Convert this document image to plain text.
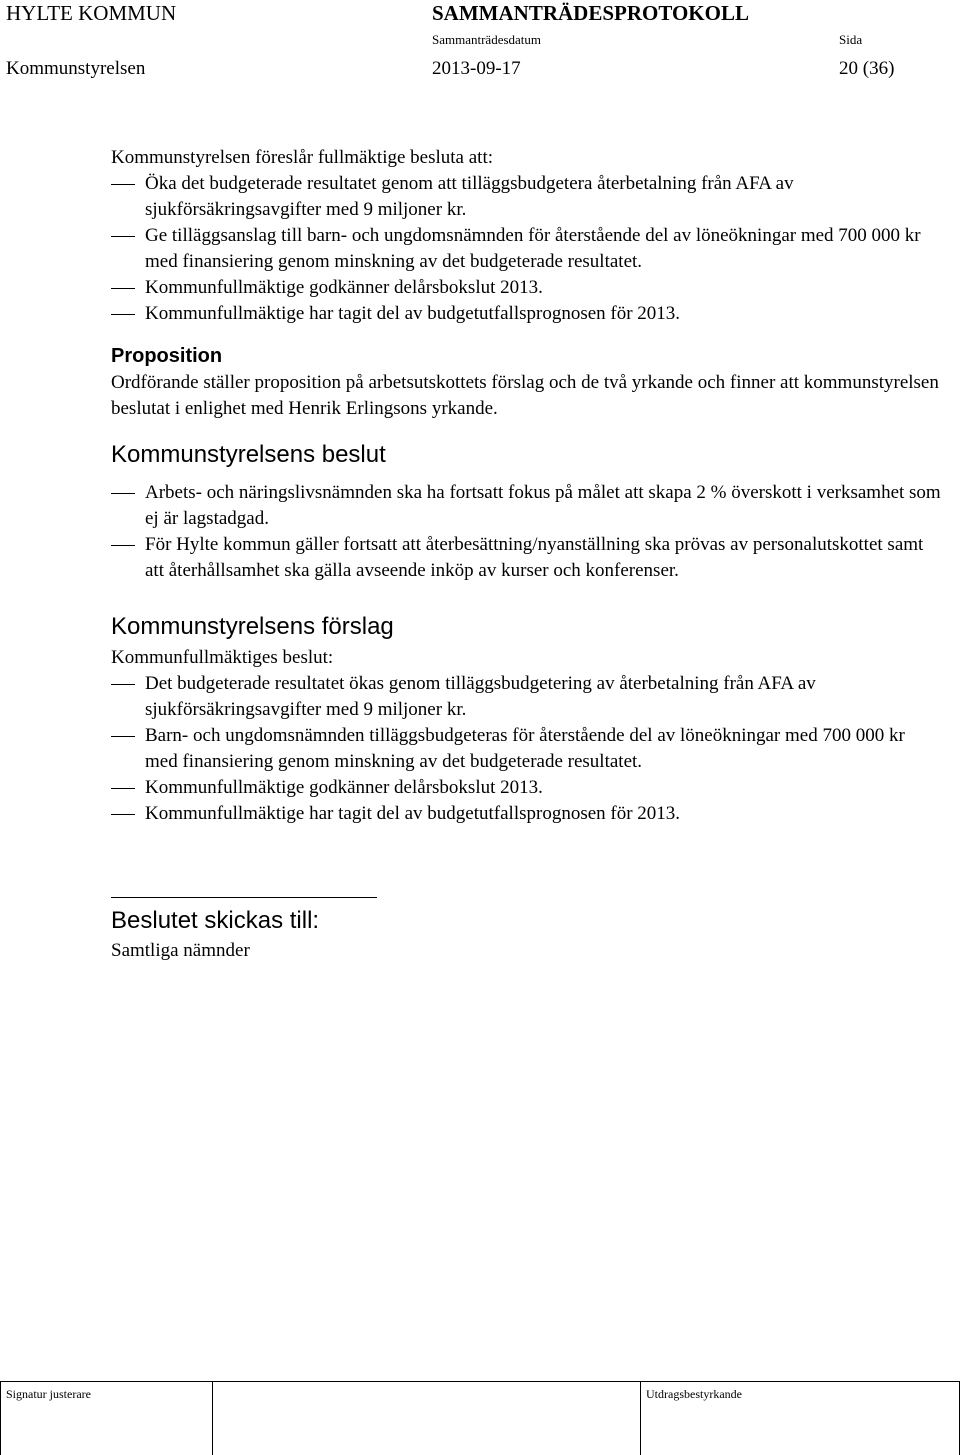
HYLTE KOMMUN	SAMMANTRÄDESPROTOKOLL
Sammanträdesdatum	Sida
Kommunstyrelsen	2013-09-17	20 (36)

Kommunstyrelsen föreslår fullmäktige besluta att:

Öka det budgeterade resultatet genom att tilläggsbudgetera återbetalning från AFA av sjukförsäkringsavgifter med 9 miljoner kr.
Ge tilläggsanslag till barn- och ungdomsnämnden för återstående del av löneökningar med 700 000 kr med finansiering genom minskning av det budgeterade resultatet.
Kommunfullmäktige godkänner delårsbokslut 2013.
Kommunfullmäktige har tagit del av budgetutfallsprognosen för 2013.
Proposition

Ordförande ställer proposition på arbetsutskottets förslag och de två yrkande och finner att kommunstyrelsen beslutat i enlighet med Henrik Erlingsons yrkande.

Kommunstyrelsens beslut
Arbets- och näringslivsnämnden ska ha fortsatt fokus på målet att skapa 2 % överskott i verksamhet som ej är lagstadgad.
För Hylte kommun gäller fortsatt att återbesättning/nyanställning ska prövas av personalutskottet samt att återhållsamhet ska gälla avseende inköp av kurser och konferenser.
Kommunstyrelsens förslag

Kommunfullmäktiges beslut:

Det budgeterade resultatet ökas genom tilläggsbudgetering av återbetalning från AFA av sjukförsäkringsavgifter med 9 miljoner kr.
Barn- och ungdomsnämnden tilläggsbudgeteras för återstående del av löneökningar med 700 000 kr med finansiering genom minskning av det budgeterade resultatet.
Kommunfullmäktige godkänner delårsbokslut 2013.
Kommunfullmäktige har tagit del av budgetutfallsprognosen för 2013.
Beslutet skickas till:

Samtliga nämnder

Signatur justerare	Utdragsbestyrkande
